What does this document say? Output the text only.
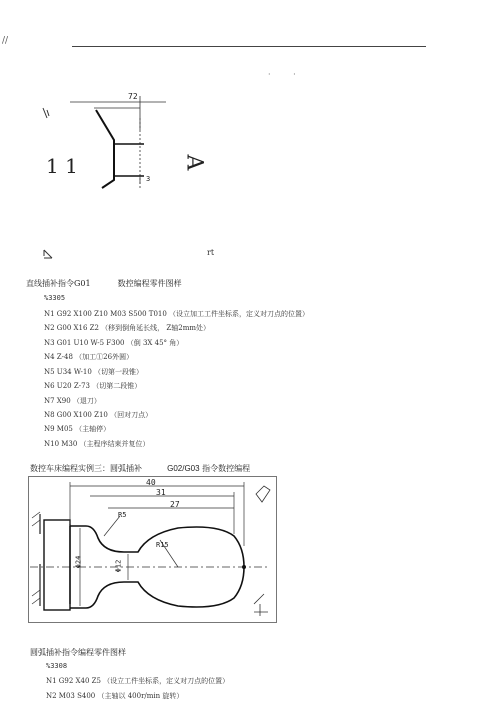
//
· ·
72
3
1 1	A
rt
直线插补指令G01	数控编程零件图样
%3305
N1 G92 X100 Z10 M03 S500 T010 （设立加工工件坐标系，定义对刀点的位置）
N2 G00 X16 Z2 （移到倒角延长线， Z轴2mm处）
N3 G01 U10 W-5 F300 （倒 3X 45° 角）
N4 Z-48 （加工①26外圆）
N5 U34 W-10 （切第一段锥）
N6 U20 Z-73 （切第二段锥）
N7 X90 （退刀）
N8 G00 X100 Z10 （回对刀点）
N9 M05 （主轴停）
N10 M30 （主程序结束并复位）
数控车床编程实例三：圆弧插补	G02/G03 指令数控编程
40
31
27
R5
R15
Φ24	Φ12
圆弧插补指令编程零件图样
%3308
N1 G92 X40 Z5 （设立工件坐标系，定义对刀点的位置）
N2 M03 S400 （主轴以 400r/min 旋转）
